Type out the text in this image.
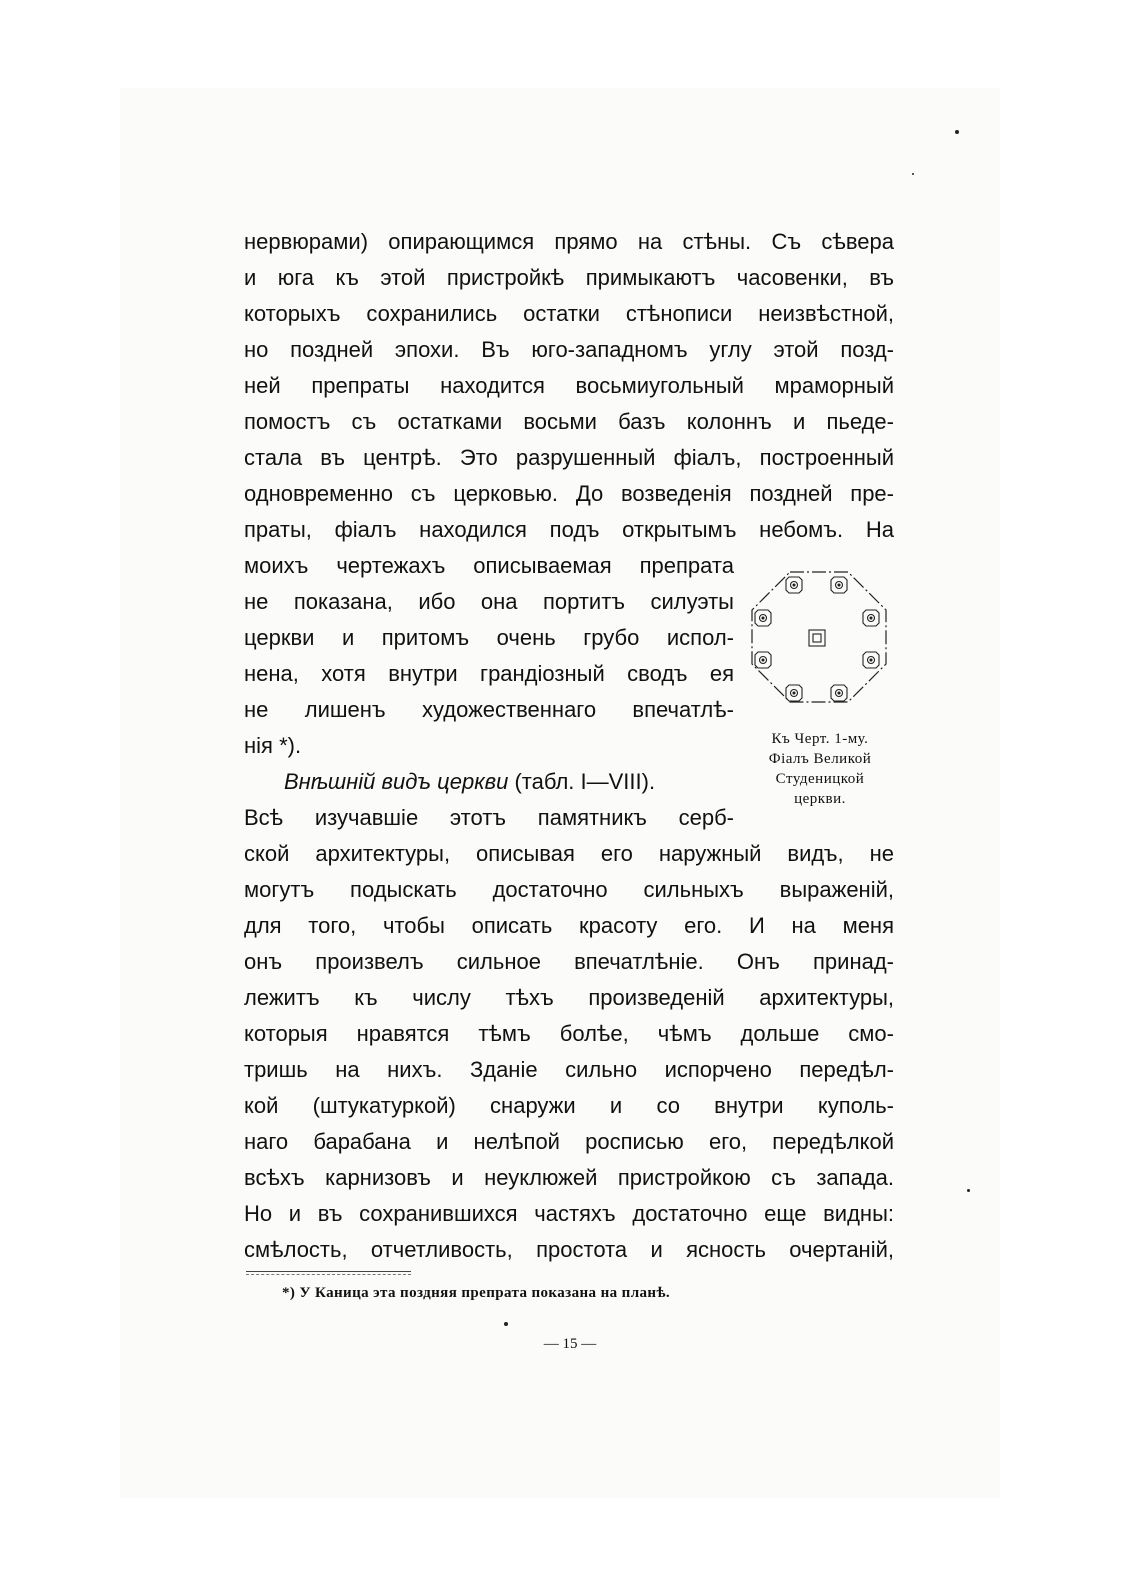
нервюрами) опирающимся прямо на стѣны. Съ сѣвера
и юга къ этой пристройкѣ примыкаютъ часовенки, въ
которыхъ сохранились остатки стѣнописи неизвѣстной,
но поздней эпохи. Въ юго-западномъ углу этой позд-
ней препраты находится восьмиугольный мраморный
помостъ съ остатками восьми базъ колоннъ и пьеде-
стала въ центрѣ. Это разрушенный фіалъ, построенный
одновременно съ церковью. До возведенія поздней пре-
праты, фіалъ находился подъ открытымъ небомъ. На
моихъ чертежахъ описываемая препрата
не показана, ибо она портитъ силуэты
церкви и притомъ очень грубо испол-
нена, хотя внутри грандіозный сводъ ея
не лишенъ художественнаго впечатлѣ-
нія *).
Внѣшній видъ церкви (табл. I—VIII).
Всѣ изучавшіе этотъ памятникъ серб-
ской архитектуры, описывая его наружный видъ, не
могутъ подыскать достаточно сильныхъ выраженій,
для того, чтобы описать красоту его. И на меня
онъ произвелъ сильное впечатлѣніе. Онъ принад-
лежитъ къ числу тѣхъ произведеній архитектуры,
которыя нравятся тѣмъ болѣе, чѣмъ дольше смо-
тришь на нихъ. Зданіе сильно испорчено передѣл-
кой (штукатуркой) снаружи и со внутри куполь-
наго барабана и нелѣпой росписью его, передѣлкой
всѣхъ карнизовъ и неуклюжей пристройкою съ запада.
Но и въ сохранившихся частяхъ достаточно еще видны:
смѣлость, отчетливость, простота и ясность очертаній,
Къ Черт. 1-му.
Фіалъ Великой
Студеницкой
церкви.
*) У Каница эта поздняя препрата показана на планѣ.
— 15 —
